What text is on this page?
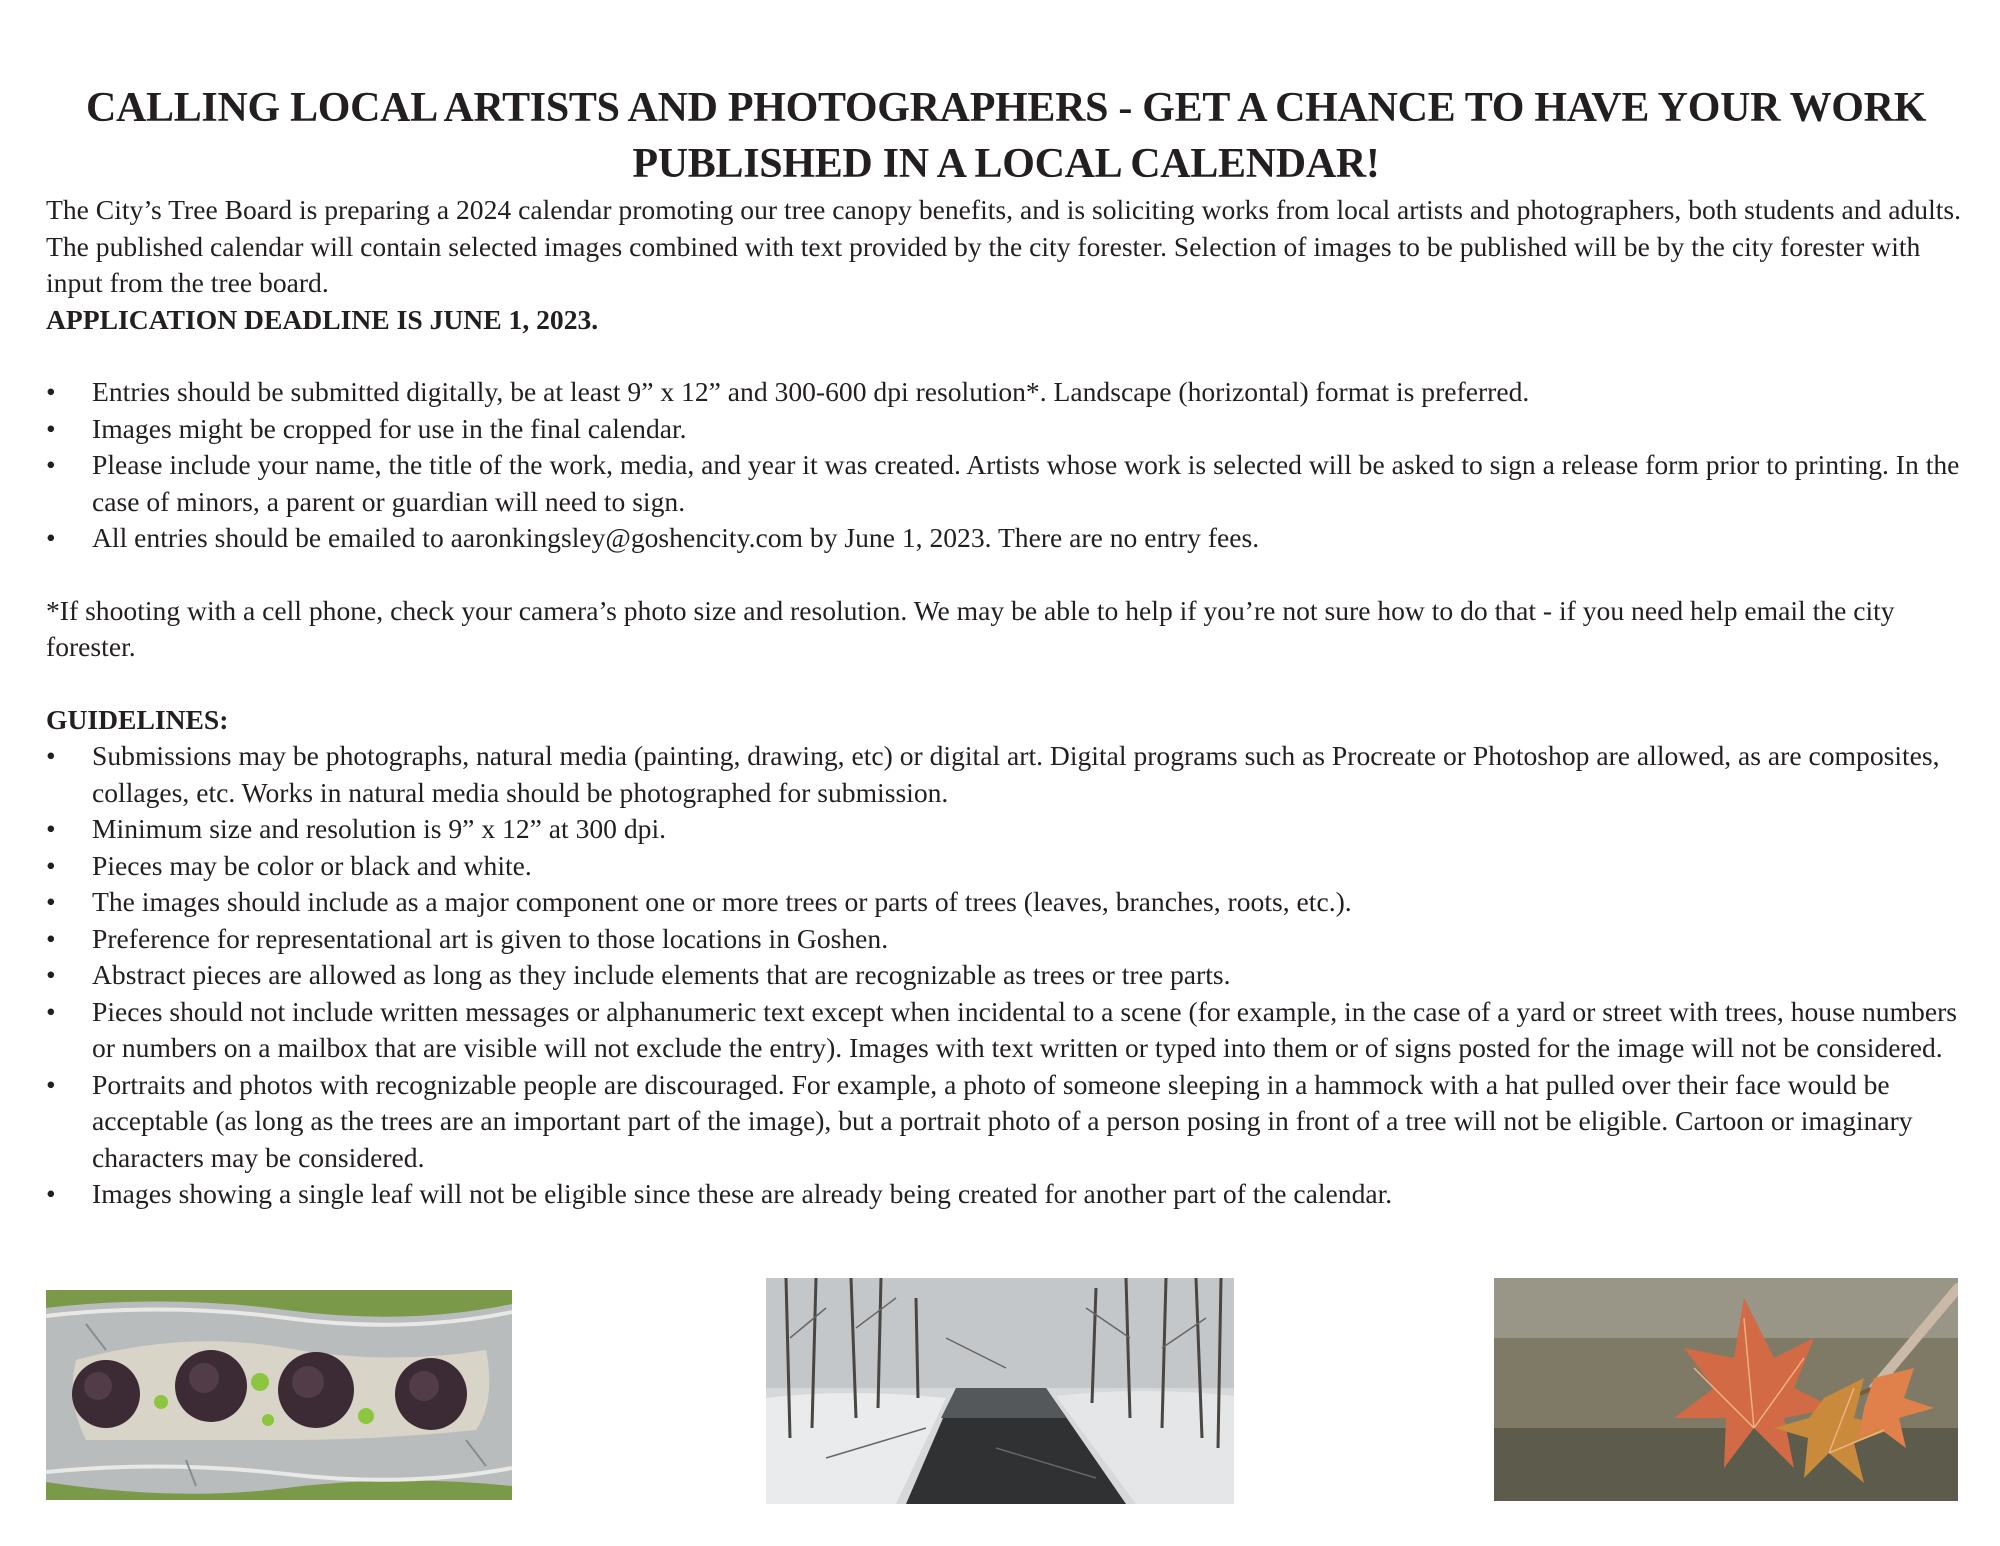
CALLING LOCAL ARTISTS AND PHOTOGRAPHERS - GET A CHANCE TO HAVE YOUR WORK PUBLISHED IN A LOCAL CALENDAR!

The City’s Tree Board is preparing a 2024 calendar promoting our tree canopy benefits, and is soliciting works from local artists and photographers, both students and adults. The published calendar will contain selected images combined with text provided by the city forester. Selection of images to be published will be by the city forester with input from the tree board.

APPLICATION DEADLINE IS JUNE 1, 2023.

• Entries should be submitted digitally, be at least 9” x 12” and 300-600 dpi resolution*. Landscape (horizontal) format is preferred.
• Images might be cropped for use in the final calendar.
• Please include your name, the title of the work, media, and year it was created. Artists whose work is selected will be asked to sign a release form prior to printing. In the case of minors, a parent or guardian will need to sign.
• All entries should be emailed to aaronkingsley@goshencity.com by June 1, 2023. There are no entry fees.

*If shooting with a cell phone, check your camera’s photo size and resolution. We may be able to help if you’re not sure how to do that - if you need help email the city forester.

GUIDELINES:

• Submissions may be photographs, natural media (painting, drawing, etc) or digital art. Digital programs such as Procreate or Photoshop are allowed, as are composites, collages, etc. Works in natural media should be photographed for submission.
• Minimum size and resolution is 9” x 12” at 300 dpi.
• Pieces may be color or black and white.
• The images should include as a major component one or more trees or parts of trees (leaves, branches, roots, etc.).
• Preference for representational art is given to those locations in Goshen.
• Abstract pieces are allowed as long as they include elements that are recognizable as trees or tree parts.
• Pieces should not include written messages or alphanumeric text except when incidental to a scene (for example, in the case of a yard or street with trees, house numbers or numbers on a mailbox that are visible will not exclude the entry). Images with text written or typed into them or of signs posted for the image will not be considered.
• Portraits and photos with recognizable people are discouraged. For example, a photo of someone sleeping in a hammock with a hat pulled over their face would be acceptable (as long as the trees are an important part of the image), but a portrait photo of a person posing in front of a tree will not be eligible. Cartoon or imaginary characters may be considered.
• Images showing a single leaf will not be eligible since these are already being created for another part of the calendar.
